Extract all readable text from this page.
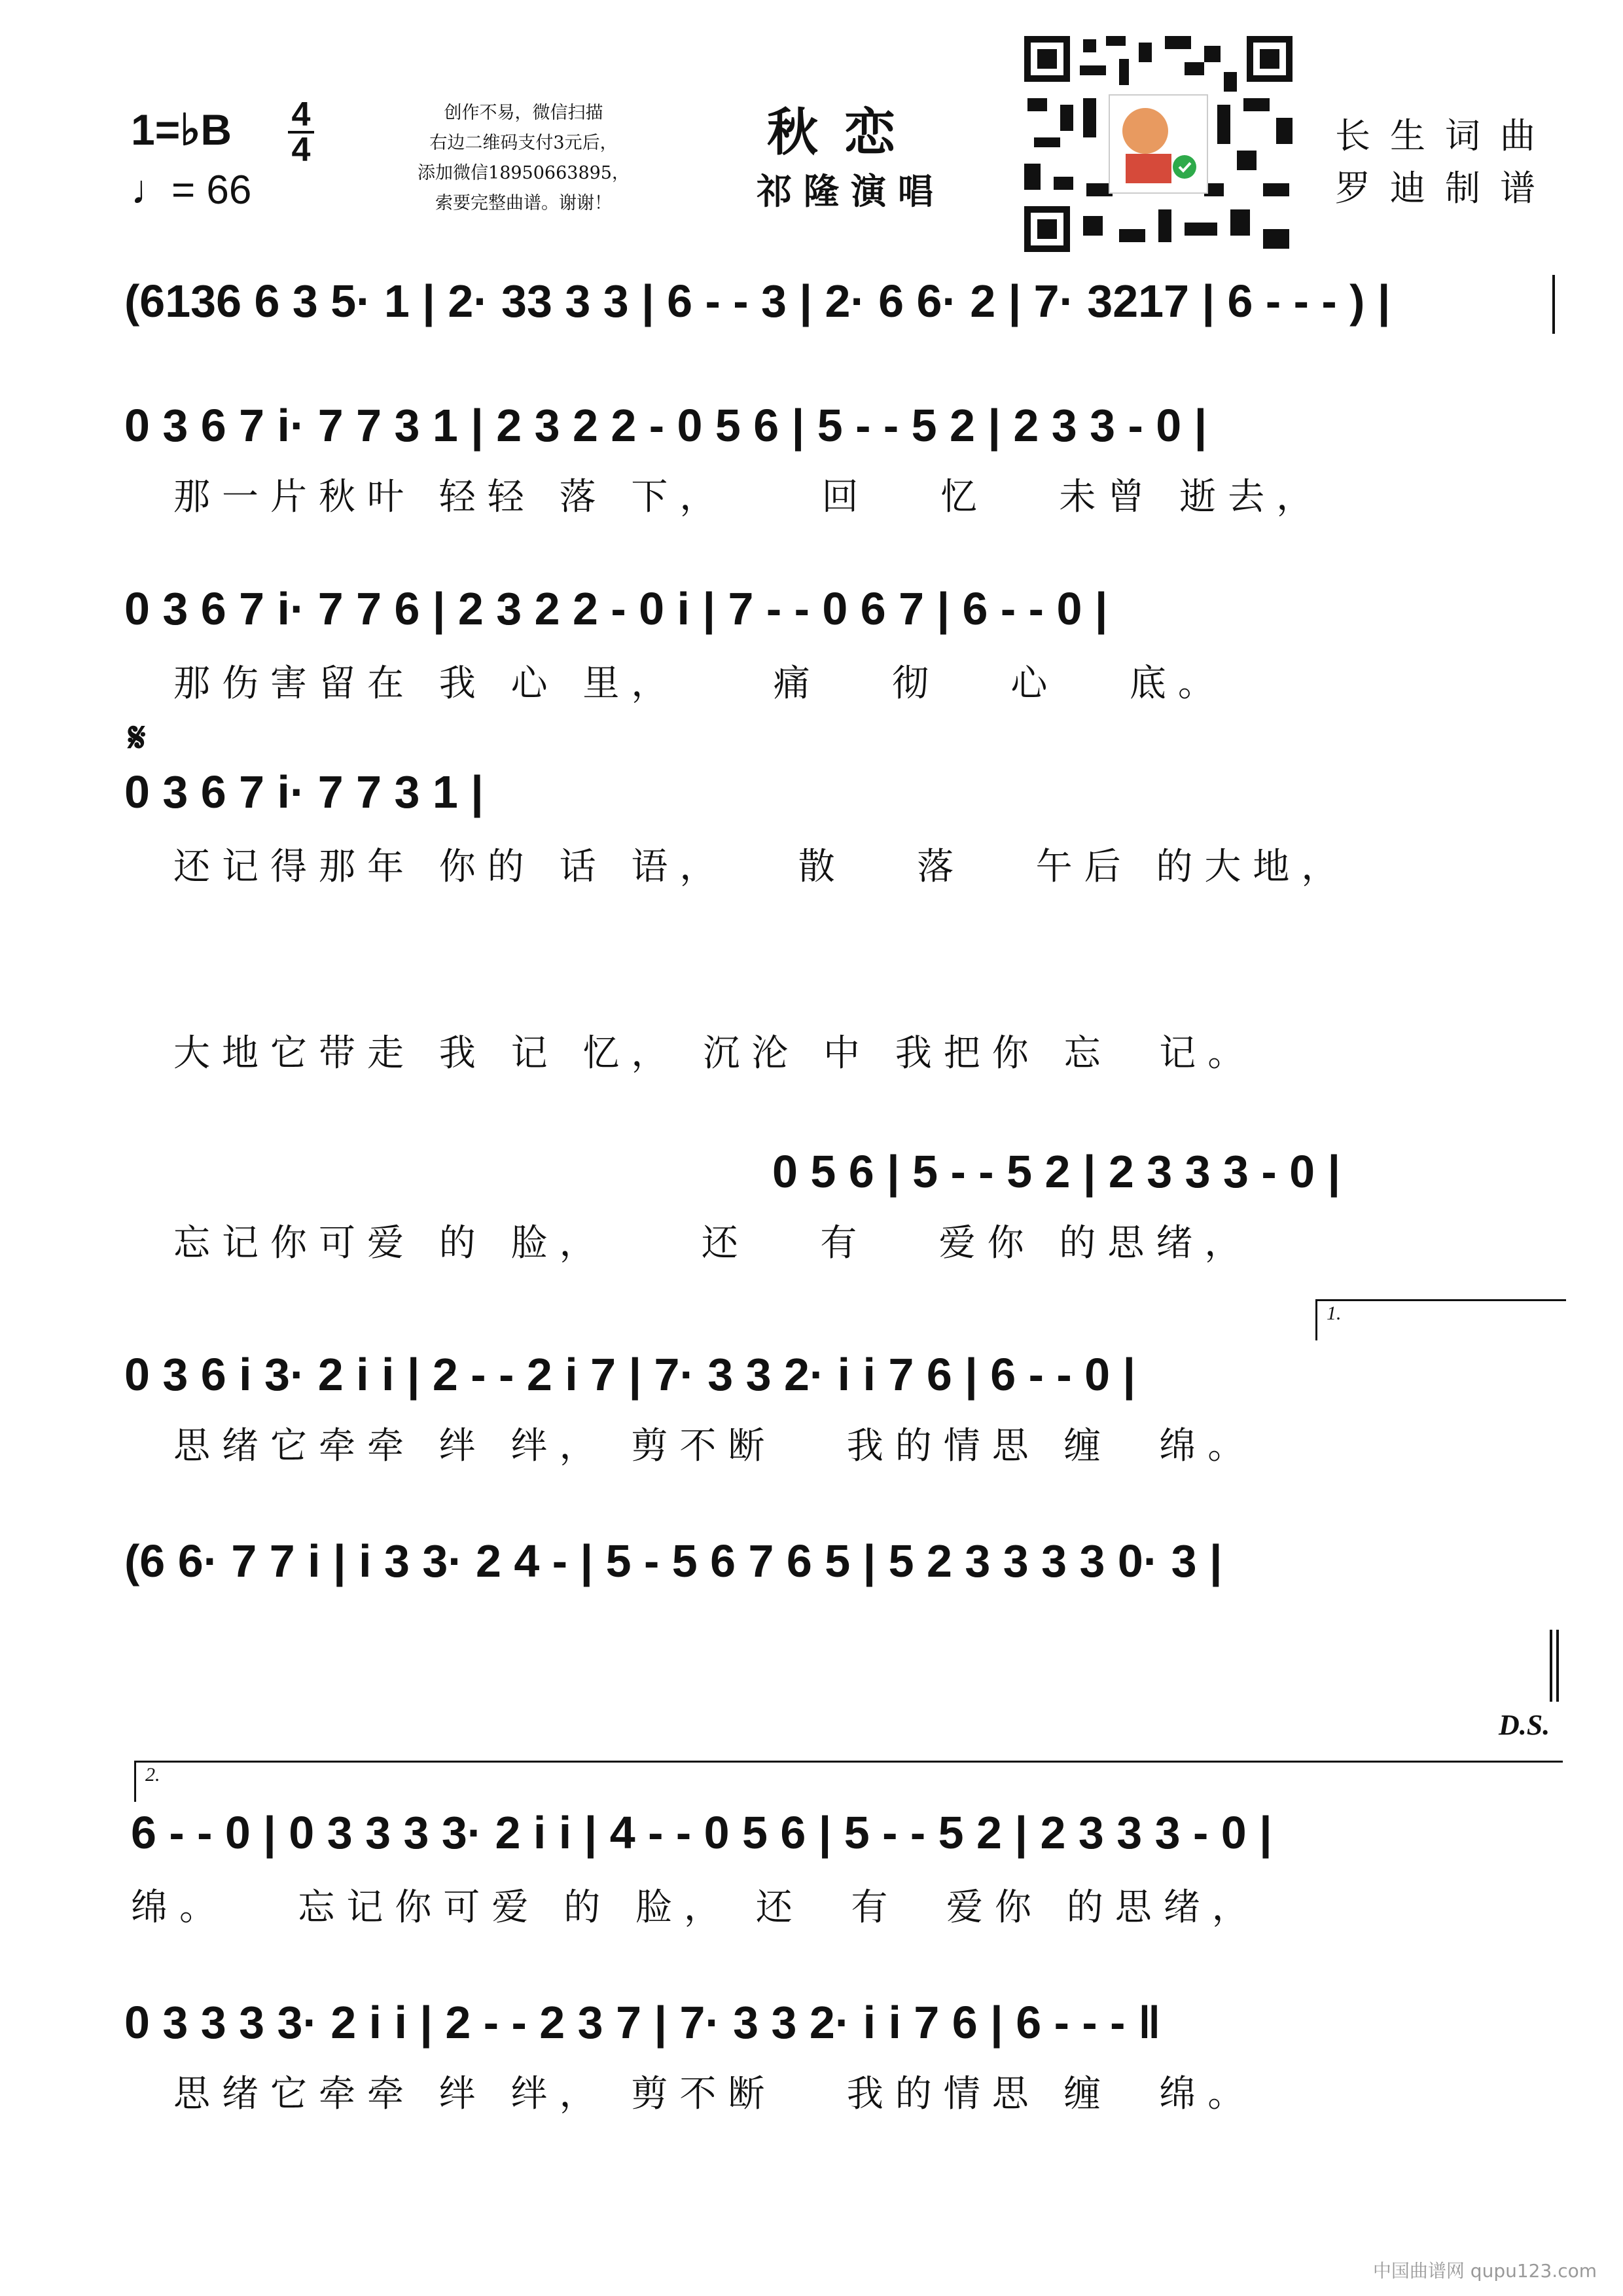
1=♭B
♩= 66
4
4
创作不易，微信扫描
右边二维码支付3元后，
添加微信18950663895，
索要完整曲谱。谢谢！
秋恋
祁隆演唱
长生词曲
罗迪制谱
(6136 6 3 5· 1 | 2· 33 3 3 | 6 - - 3 | 2· 6 6· 2 | 7· 3217 | 6 - - - ) |
0 3 6 7 i· 7 7 3 1 | 2 3 2 2 - 0 5 6 | 5 - - 5 2 | 2 3 3 - 0 |
那一片秋叶 轻轻 落 下，    回   忆   未曾 逝去，
0 3 6 7 i· 7 7 6 | 2 3 2 2 - 0 i | 7 - - 0 6 7 | 6 - - 0 |
那伤害留在 我 心 里，    痛   彻   心   底。
𝄋
0 3 6 7 i· 7 7 3 1 |
还记得那年 你的 话 语，   散   落   午后 的大地，
大地它带走 我 记 忆， 沉沦 中 我把你 忘  记。
0 5 6 | 5 - - 5 2 | 2 3 3 3 - 0 |
忘记你可爱 的 脸，    还   有   爱你 的思绪，
1.
0 3 6 i 3· 2 i i | 2 - - 2 i 7 | 7· 3 3 2· i i 7 6 | 6 - - 0 |
思绪它牵牵 绊 绊， 剪不断   我的情思 缠  绵。
(6 6· 7 7 i | i 3 3· 2 4 - | 5 - 5 6 7 6 5 | 5 2 3 3 3 3 0· 3 |
D.S.
2.
6 - - 0 | 0 3 3 3 3· 2 i i | 4 - - 0 5 6 | 5 - - 5 2 | 2 3 3 3 - 0 |
绵。   忘记你可爱 的 脸， 还  有  爱你 的思绪，
0 3 3 3 3· 2 i i | 2 - - 2 3 7 | 7· 3 3 2· i i 7 6 | 6 - - - ‖
思绪它牵牵 绊 绊， 剪不断   我的情思 缠  绵。
中国曲谱网 qupu123.com
